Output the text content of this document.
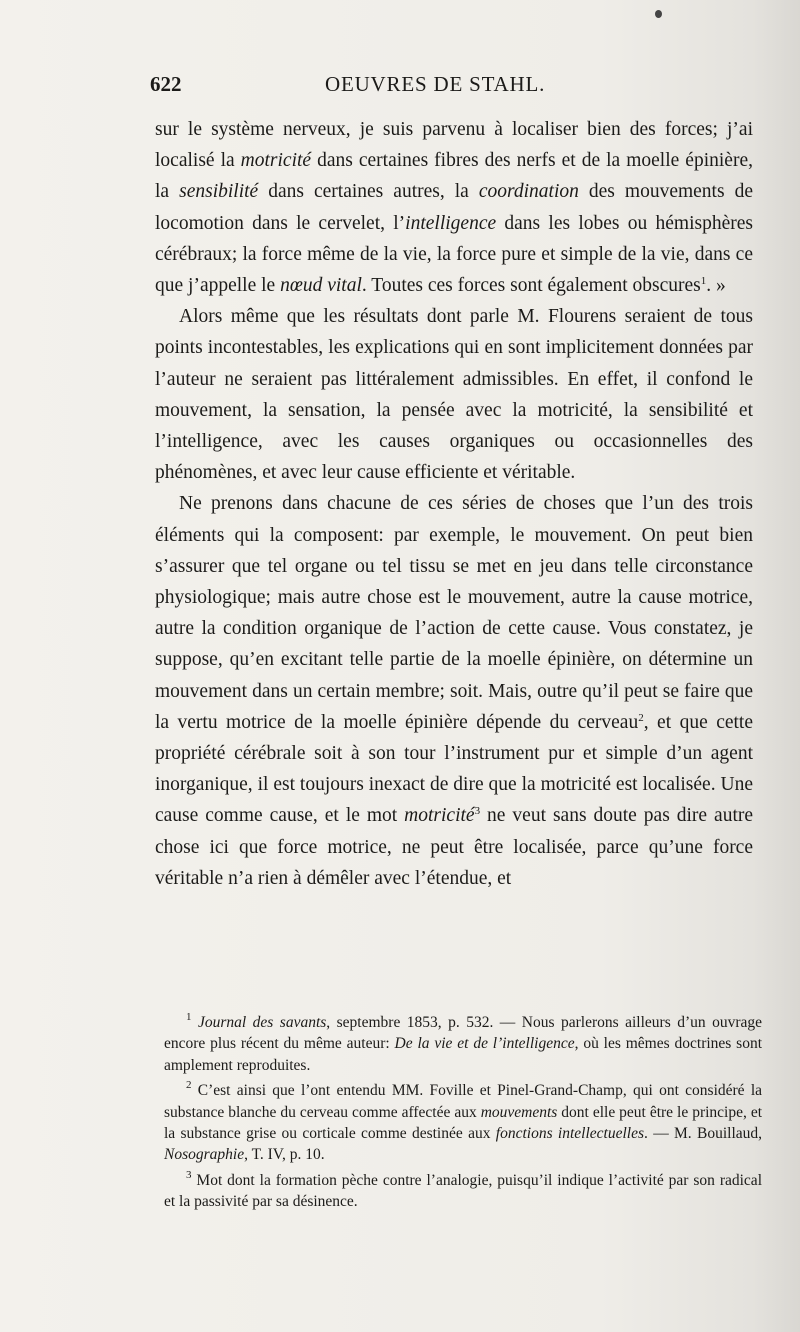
622	OEUVRES DE STAHL.

sur le système nerveux, je suis parvenu à localiser bien des forces; j’ai localisé la motricité dans certaines fibres des nerfs et de la moelle épinière, la sensibilité dans certaines autres, la coordination des mouvements de locomotion dans le cervelet, l’intelligence dans les lobes ou hémisphères cérébraux; la force même de la vie, la force pure et simple de la vie, dans ce que j’appelle le nœud vital. Toutes ces forces sont également obscures$^1$. »

Alors même que les résultats dont parle M. Flourens seraient de tous points incontestables, les explications qui en sont implicitement données par l’auteur ne seraient pas littéralement admissibles. En effet, il confond le mouvement, la sensation, la pensée avec la motricité, la sensibilité et l’intelligence, avec les causes organiques ou occasionnelles des phénomènes, et avec leur cause efficiente et véritable.

Ne prenons dans chacune de ces séries de choses que l’un des trois éléments qui la composent: par exemple, le mouvement. On peut bien s’assurer que tel organe ou tel tissu se met en jeu dans telle circonstance physiologique; mais autre chose est le mouvement, autre la cause motrice, autre la condition organique de l’action de cette cause. Vous constatez, je suppose, qu’en excitant telle partie de la moelle épinière, on détermine un mouvement dans un certain membre; soit. Mais, outre qu’il peut se faire que la vertu motrice de la moelle épinière dépende du cerveau$^2$, et que cette propriété cérébrale soit à son tour l’instrument pur et simple d’un agent inorganique, il est toujours inexact de dire que la motricité est localisée. Une cause comme cause, et le mot motricité$^3$ ne veut sans doute pas dire autre chose ici que force motrice, ne peut être localisée, parce qu’une force véritable n’a rien à démêler avec l’étendue, et

$^1$ Journal des savants, septembre 1853, p. 532. — Nous parlerons ailleurs d’un ouvrage encore plus récent du même auteur: De la vie et de l’intelligence, où les mêmes doctrines sont amplement reproduites.

$^2$ C’est ainsi que l’ont entendu MM. Foville et Pinel-Grand-Champ, qui ont considéré la substance blanche du cerveau comme affectée aux mouvements dont elle peut être le principe, et la substance grise ou corticale comme destinée aux fonctions intellectuelles. — M. Bouillaud, Nosographie, T. IV, p. 10.

$^3$ Mot dont la formation pèche contre l’analogie, puisqu’il indique l’activité par son radical et la passivité par sa désinence.
